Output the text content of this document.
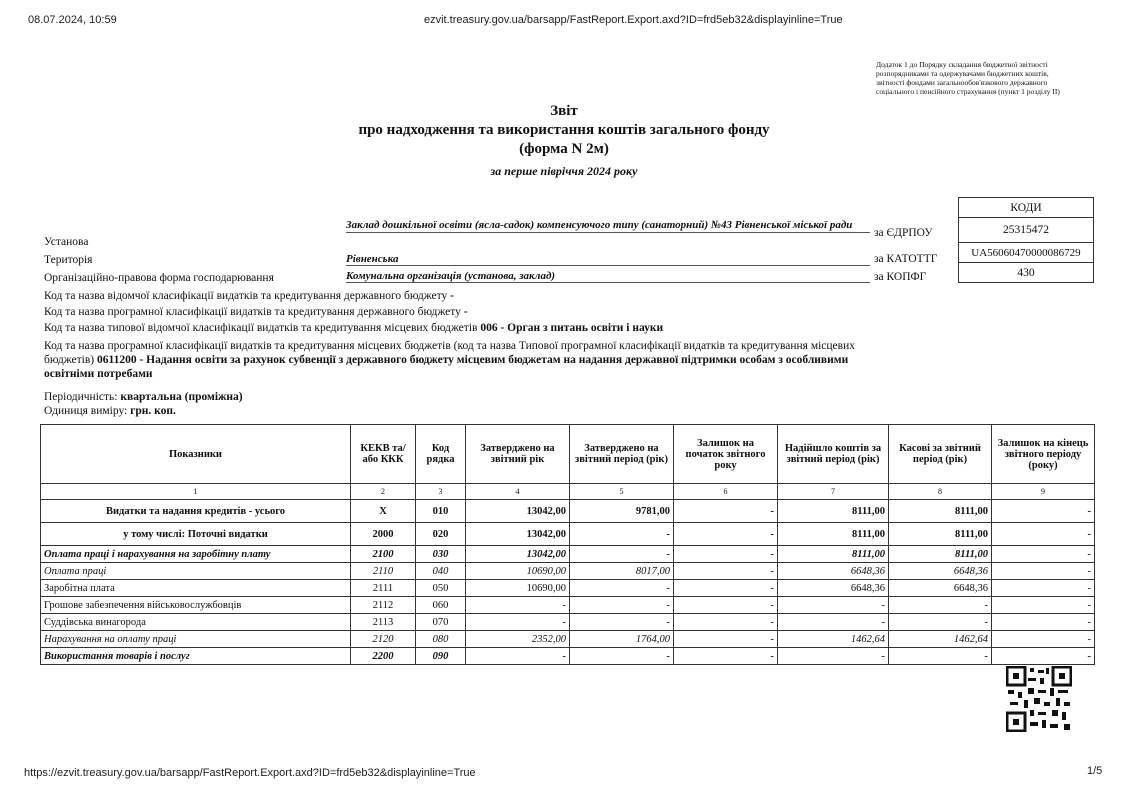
08.07.2024, 10:59	ezvit.treasury.gov.ua/barsapp/FastReport.Export.axd?ID=frd5eb32&displayinline=True
Додаток 1 до Порядку складання бюджетної звітності розпорядниками та одержувачами бюджетних коштів, звітності фондами загальнообов'язкового державного соціального і пенсійного страхування (пункт 1 розділу II)
Звіт
про надходження та використання коштів загального фонду
(форма N 2м)
за перше півріччя 2024 року
КОДИ
25315472
UA56060470000086729
430
Установа
Заклад дошкільної освіти (ясла-садок) компенсуючого типу (санаторний) №43 Рівненської міської ради
за ЄДРПОУ
Територія	Рівненська	за КАТОТТГ
Організаційно-правова форма господарювання	Комунальна організація (установа, заклад)	за КОПФГ
Код та назва відомчої класифікації видатків та кредитування державного бюджету -
Код та назва програмної класифікації видатків та кредитування державного бюджету -
Код та назва типової відомчої класифікації видатків та кредитування місцевих бюджетів 006 - Орган з питань освіти і науки
Код та назва програмної класифікації видатків та кредитування місцевих бюджетів (код та назва Типової програмної класифікації видатків та кредитування місцевих бюджетів) 0611200 - Надання освіти за рахунок субвенції з державного бюджету місцевим бюджетам на надання державної підтримки особам з особливими освітніми потребами
Періодичність: квартальна (проміжна)
Одиниця виміру: грн. коп.
Показники	КЕКВ та/або ККК	Код рядка	Затверджено на звітний рік	Затверджено на звітний період (рік)	Залишок на початок звітного року	Надійшло коштів за звітний період (рік)	Касові за звітний період (рік)	Залишок на кінець звітного періоду (року)
1	2	3	4	5	6	7	8	9
Видатки та надання кредитів - усього	X	010	13042,00	9781,00	-	8111,00	8111,00	-
у тому числі: Поточні видатки	2000	020	13042,00	-	-	8111,00	8111,00	-
Оплата праці і нарахування на заробітну плату	2100	030	13042,00	-	-	8111,00	8111,00	-
Оплата праці	2110	040	10690,00	8017,00	-	6648,36	6648,36	-
Заробітна плата	2111	050	10690,00	-	-	6648,36	6648,36	-
Грошове забезпечення військовослужбовців	2112	060	-	-	-	-	-	-
Суддівська винагорода	2113	070	-	-	-	-	-	-
Нарахування на оплату праці	2120	080	2352,00	1764,00	-	1462,64	1462,64	-
Використання товарів і послуг	2200	090	-	-	-	-	-	-
https://ezvit.treasury.gov.ua/barsapp/FastReport.Export.axd?ID=frd5eb32&displayinline=True	1/5
